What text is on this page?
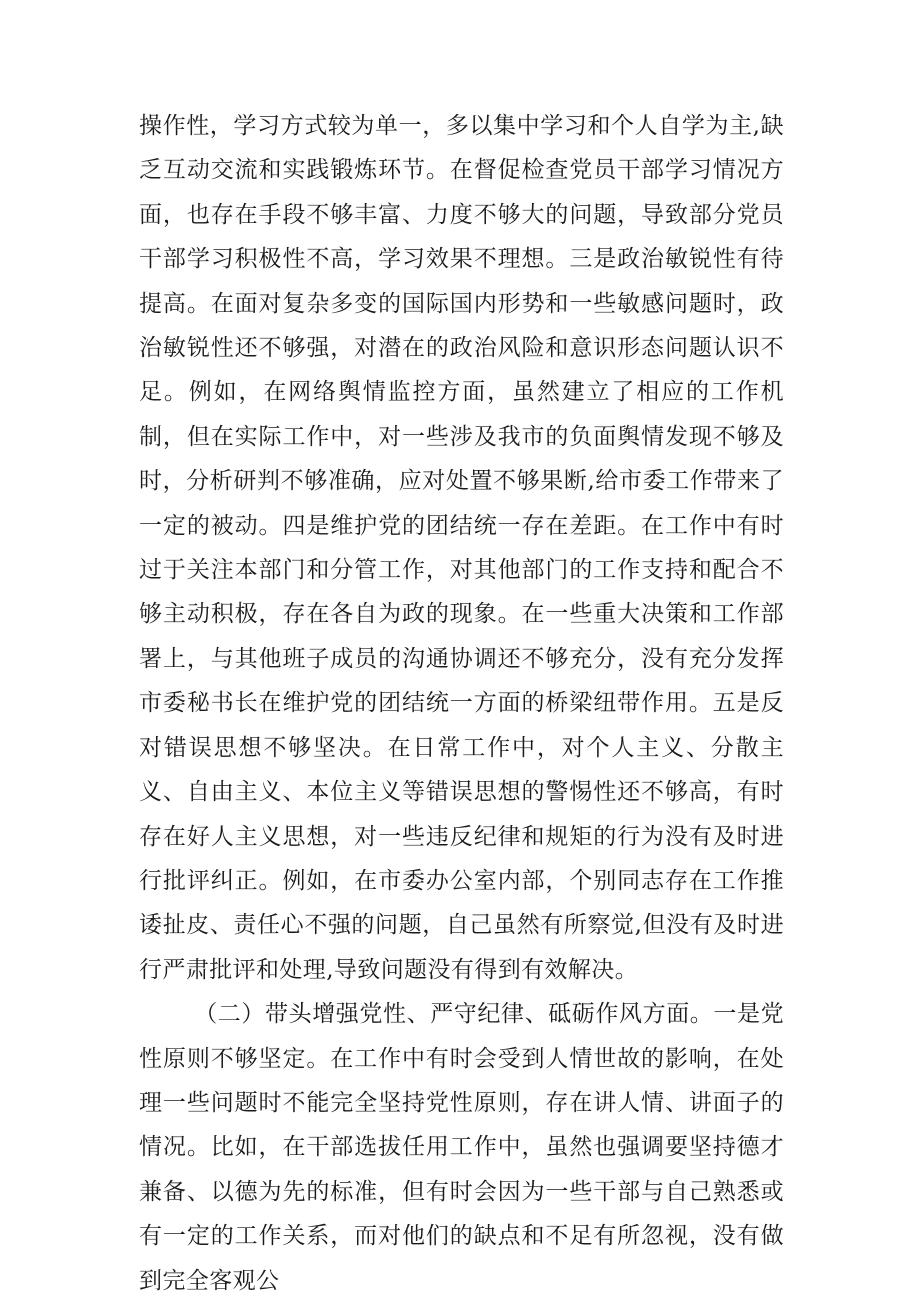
操作性，学习方式较为单一，多以集中学习和个人自学为主,缺乏互动交流和实践锻炼环节。在督促检查党员干部学习情况方面，也存在手段不够丰富、力度不够大的问题，导致部分党员干部学习积极性不高，学习效果不理想。三是政治敏锐性有待提高。在面对复杂多变的国际国内形势和一些敏感问题时，政治敏锐性还不够强，对潜在的政治风险和意识形态问题认识不足。例如，在网络舆情监控方面，虽然建立了相应的工作机制，但在实际工作中，对一些涉及我市的负面舆情发现不够及时，分析研判不够准确，应对处置不够果断,给市委工作带来了一定的被动。四是维护党的团结统一存在差距。在工作中有时过于关注本部门和分管工作，对其他部门的工作支持和配合不够主动积极，存在各自为政的现象。在一些重大决策和工作部署上，与其他班子成员的沟通协调还不够充分，没有充分发挥市委秘书长在维护党的团结统一方面的桥梁纽带作用。五是反对错误思想不够坚决。在日常工作中，对个人主义、分散主义、自由主义、本位主义等错误思想的警惕性还不够高，有时存在好人主义思想，对一些违反纪律和规矩的行为没有及时进行批评纠正。例如，在市委办公室内部，个别同志存在工作推诿扯皮、责任心不强的问题，自己虽然有所察觉,但没有及时进行严肃批评和处理,导致问题没有得到有效解决。

（二）带头增强党性、严守纪律、砥砺作风方面。一是党性原则不够坚定。在工作中有时会受到人情世故的影响，在处理一些问题时不能完全坚持党性原则，存在讲人情、讲面子的情况。比如，在干部选拔任用工作中，虽然也强调要坚持德才兼备、以德为先的标准，但有时会因为一些干部与自己熟悉或有一定的工作关系，而对他们的缺点和不足有所忽视，没有做到完全客观公
